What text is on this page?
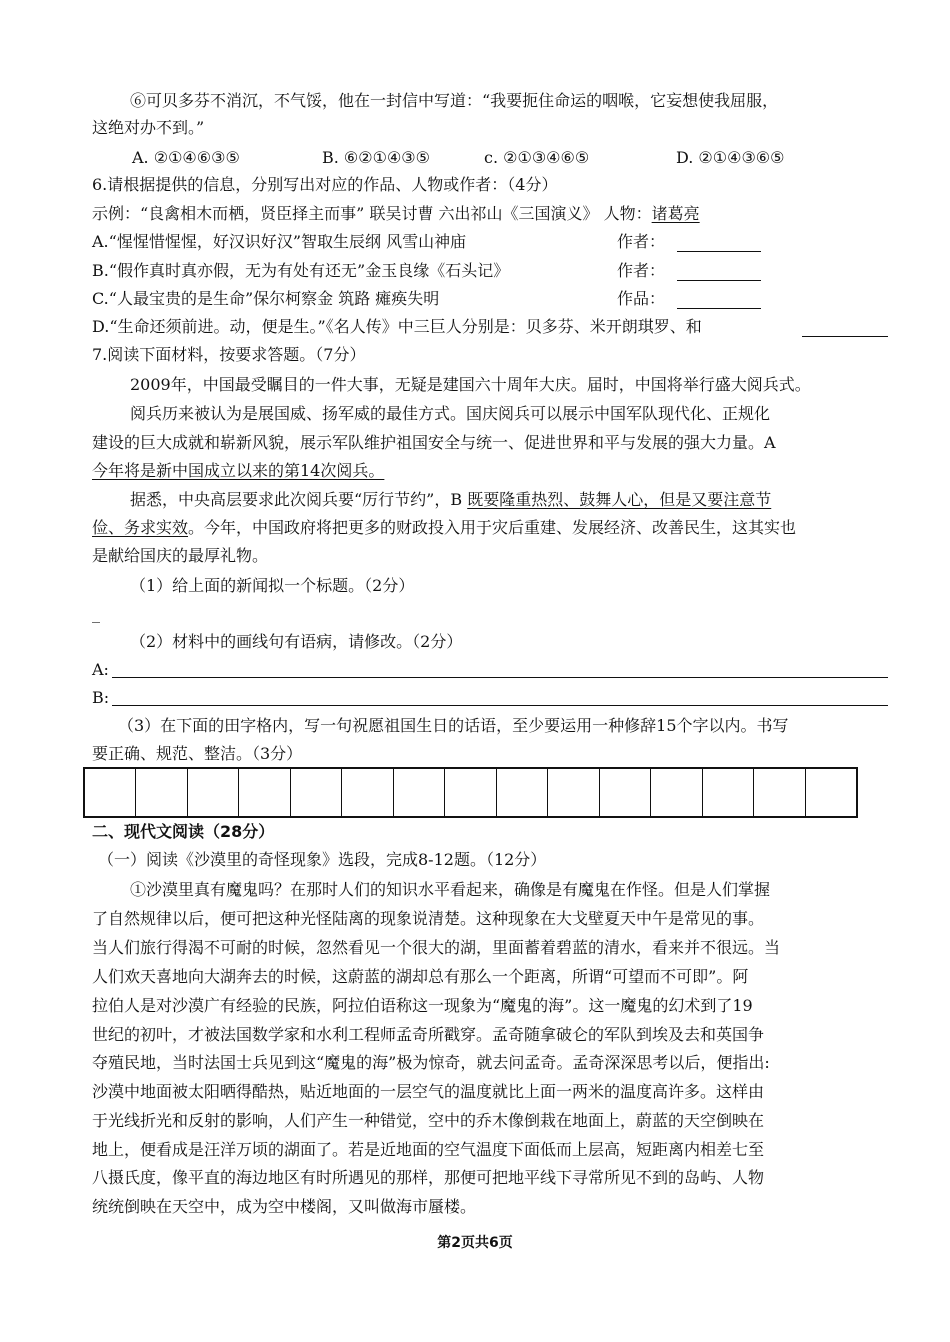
⑥可贝多芬不消沉，不气馁，他在一封信中写道：“我要扼住命运的咽喉，它妄想使我屈服，
这绝对办不到。”
A. ②①④⑥③⑤	B. ⑥②①④③⑤	c. ②①③④⑥⑤	D. ②①④③⑥⑤
6.请根据提供的信息，分别写出对应的作品、人物或作者：（4分）
示例：“良禽相木而栖，贤臣择主而事” 联吴讨曹 六出祁山《三国演义》 人物：诸葛亮
A.“惺惺惜惺惺，好汉识好汉”智取生辰纲 风雪山神庙	作者：
B.“假作真时真亦假，无为有处有还无”金玉良缘《石头记》	作者：
C.“人最宝贵的是生命”保尔柯察金 筑路 瘫痪失明	作品：
D.“生命还须前进。动，便是生。”《名人传》中三巨人分别是：贝多芬、米开朗琪罗、和
7.阅读下面材料，按要求答题。（7分）
2009年，中国最受瞩目的一件大事，无疑是建国六十周年大庆。届时，中国将举行盛大阅兵式。
阅兵历来被认为是展国威、扬军威的最佳方式。国庆阅兵可以展示中国军队现代化、正规化
建设的巨大成就和崭新风貌，展示军队维护祖国安全与统一、促进世界和平与发展的强大力量。A
今年将是新中国成立以来的第14次阅兵。
据悉，中央高层要求此次阅兵要“厉行节约”，B 既要隆重热烈、鼓舞人心，但是又要注意节
俭、务求实效。今年，中国政府将把更多的财政投入用于灾后重建、发展经济、改善民生，这其实也
是献给国庆的最厚礼物。
（1）给上面的新闻拟一个标题。（2分）
_
（2）材料中的画线句有语病，请修改。（2分）
A:
B:
（3）在下面的田字格内，写一句祝愿祖国生日的话语，至少要运用一种修辞15个字以内。书写
要正确、规范、整洁。（3分）
二、现代文阅读（28分）
（一）阅读《沙漠里的奇怪现象》选段，完成8-12题。（12分）
①沙漠里真有魔鬼吗？在那时人们的知识水平看起来，确像是有魔鬼在作怪。但是人们掌握
了自然规律以后，便可把这种光怪陆离的现象说清楚。这种现象在大戈壁夏天中午是常见的事。
当人们旅行得渴不可耐的时候，忽然看见一个很大的湖，里面蓄着碧蓝的清水，看来并不很远。当
人们欢天喜地向大湖奔去的时候，这蔚蓝的湖却总有那么一个距离，所谓“可望而不可即”。阿
拉伯人是对沙漠广有经验的民族，阿拉伯语称这一现象为“魔鬼的海”。这一魔鬼的幻术到了19
世纪的初叶，才被法国数学家和水利工程师孟奇所戳穿。孟奇随拿破仑的军队到埃及去和英国争
夺殖民地，当时法国士兵见到这“魔鬼的海”极为惊奇，就去问孟奇。孟奇深深思考以后，便指出:
沙漠中地面被太阳晒得酷热，贴近地面的一层空气的温度就比上面一两米的温度高许多。这样由
于光线折光和反射的影响，人们产生一种错觉，空中的乔木像倒栽在地面上，蔚蓝的天空倒映在
地上，便看成是汪洋万顷的湖面了。若是近地面的空气温度下面低而上层高，短距离内相差七至
八摄氏度，像平直的海边地区有时所遇见的那样，那便可把地平线下寻常所见不到的岛屿、人物
统统倒映在天空中，成为空中楼阁，又叫做海市蜃楼。
第2页共6页
